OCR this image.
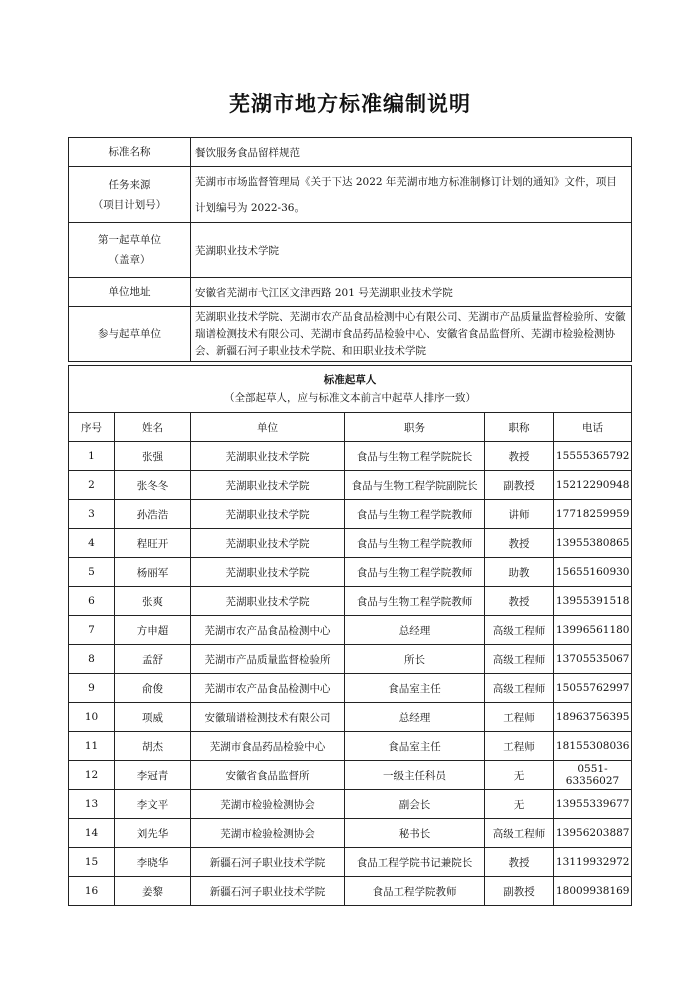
芜湖市地方标准编制说明
标准名称	餐饮服务食品留样规范

任务来源
（项目计划号）	芜湖市市场监督管理局《关于下达 2022 年芜湖市地方标准制修订计划的通知》文件，项目计划编号为 2022-36。

第一起草单位
（盖章）	芜湖职业技术学院
单位地址	安徽省芜湖市弋江区文津西路 201 号芜湖职业技术学院
参与起草单位	芜湖职业技术学院、芜湖市农产品食品检测中心有限公司、芜湖市产品质量监督检验所、安徽瑞谱检测技术有限公司、芜湖市食品药品检验中心、安徽省食品监督所、芜湖市检验检测协会、新疆石河子职业技术学院、和田职业技术学院
标准起草人
（全部起草人，应与标准文本前言中起草人排序一致）					

序号	姓名	单位	职务	职称	电话
1	张强	芜湖职业技术学院	食品与生物工程学院院长	教授	15555365792
2	张冬冬	芜湖职业技术学院	食品与生物工程学院副院长	副教授	15212290948
3	孙浩浩	芜湖职业技术学院	食品与生物工程学院教师	讲师	17718259959
4	程旺开	芜湖职业技术学院	食品与生物工程学院教师	教授	13955380865
5	杨丽军	芜湖职业技术学院	食品与生物工程学院教师	助教	15655160930
6	张爽	芜湖职业技术学院	食品与生物工程学院教师	教授	13955391518
7	方申超	芜湖市农产品食品检测中心	总经理	高级工程师	13996561180
8	孟舒	芜湖市产品质量监督检验所	所长	高级工程师	13705535067
9	俞俊	芜湖市农产品食品检测中心	食品室主任	高级工程师	15055762997
10	项威	安徽瑞谱检测技术有限公司	总经理	工程师	18963756395
11	胡杰	芜湖市食品药品检验中心	食品室主任	工程师	18155308036
12	李冠青	安徽省食品监督所	一级主任科员	无	0551-63356027
13	李文平	芜湖市检验检测协会	副会长	无	13955339677
14	刘先华	芜湖市检验检测协会	秘书长	高级工程师	13956203887
15	李晓华	新疆石河子职业技术学院	食品工程学院书记兼院长	教授	13119932972
16	姜黎	新疆石河子职业技术学院	食品工程学院教师	副教授	18009938169
